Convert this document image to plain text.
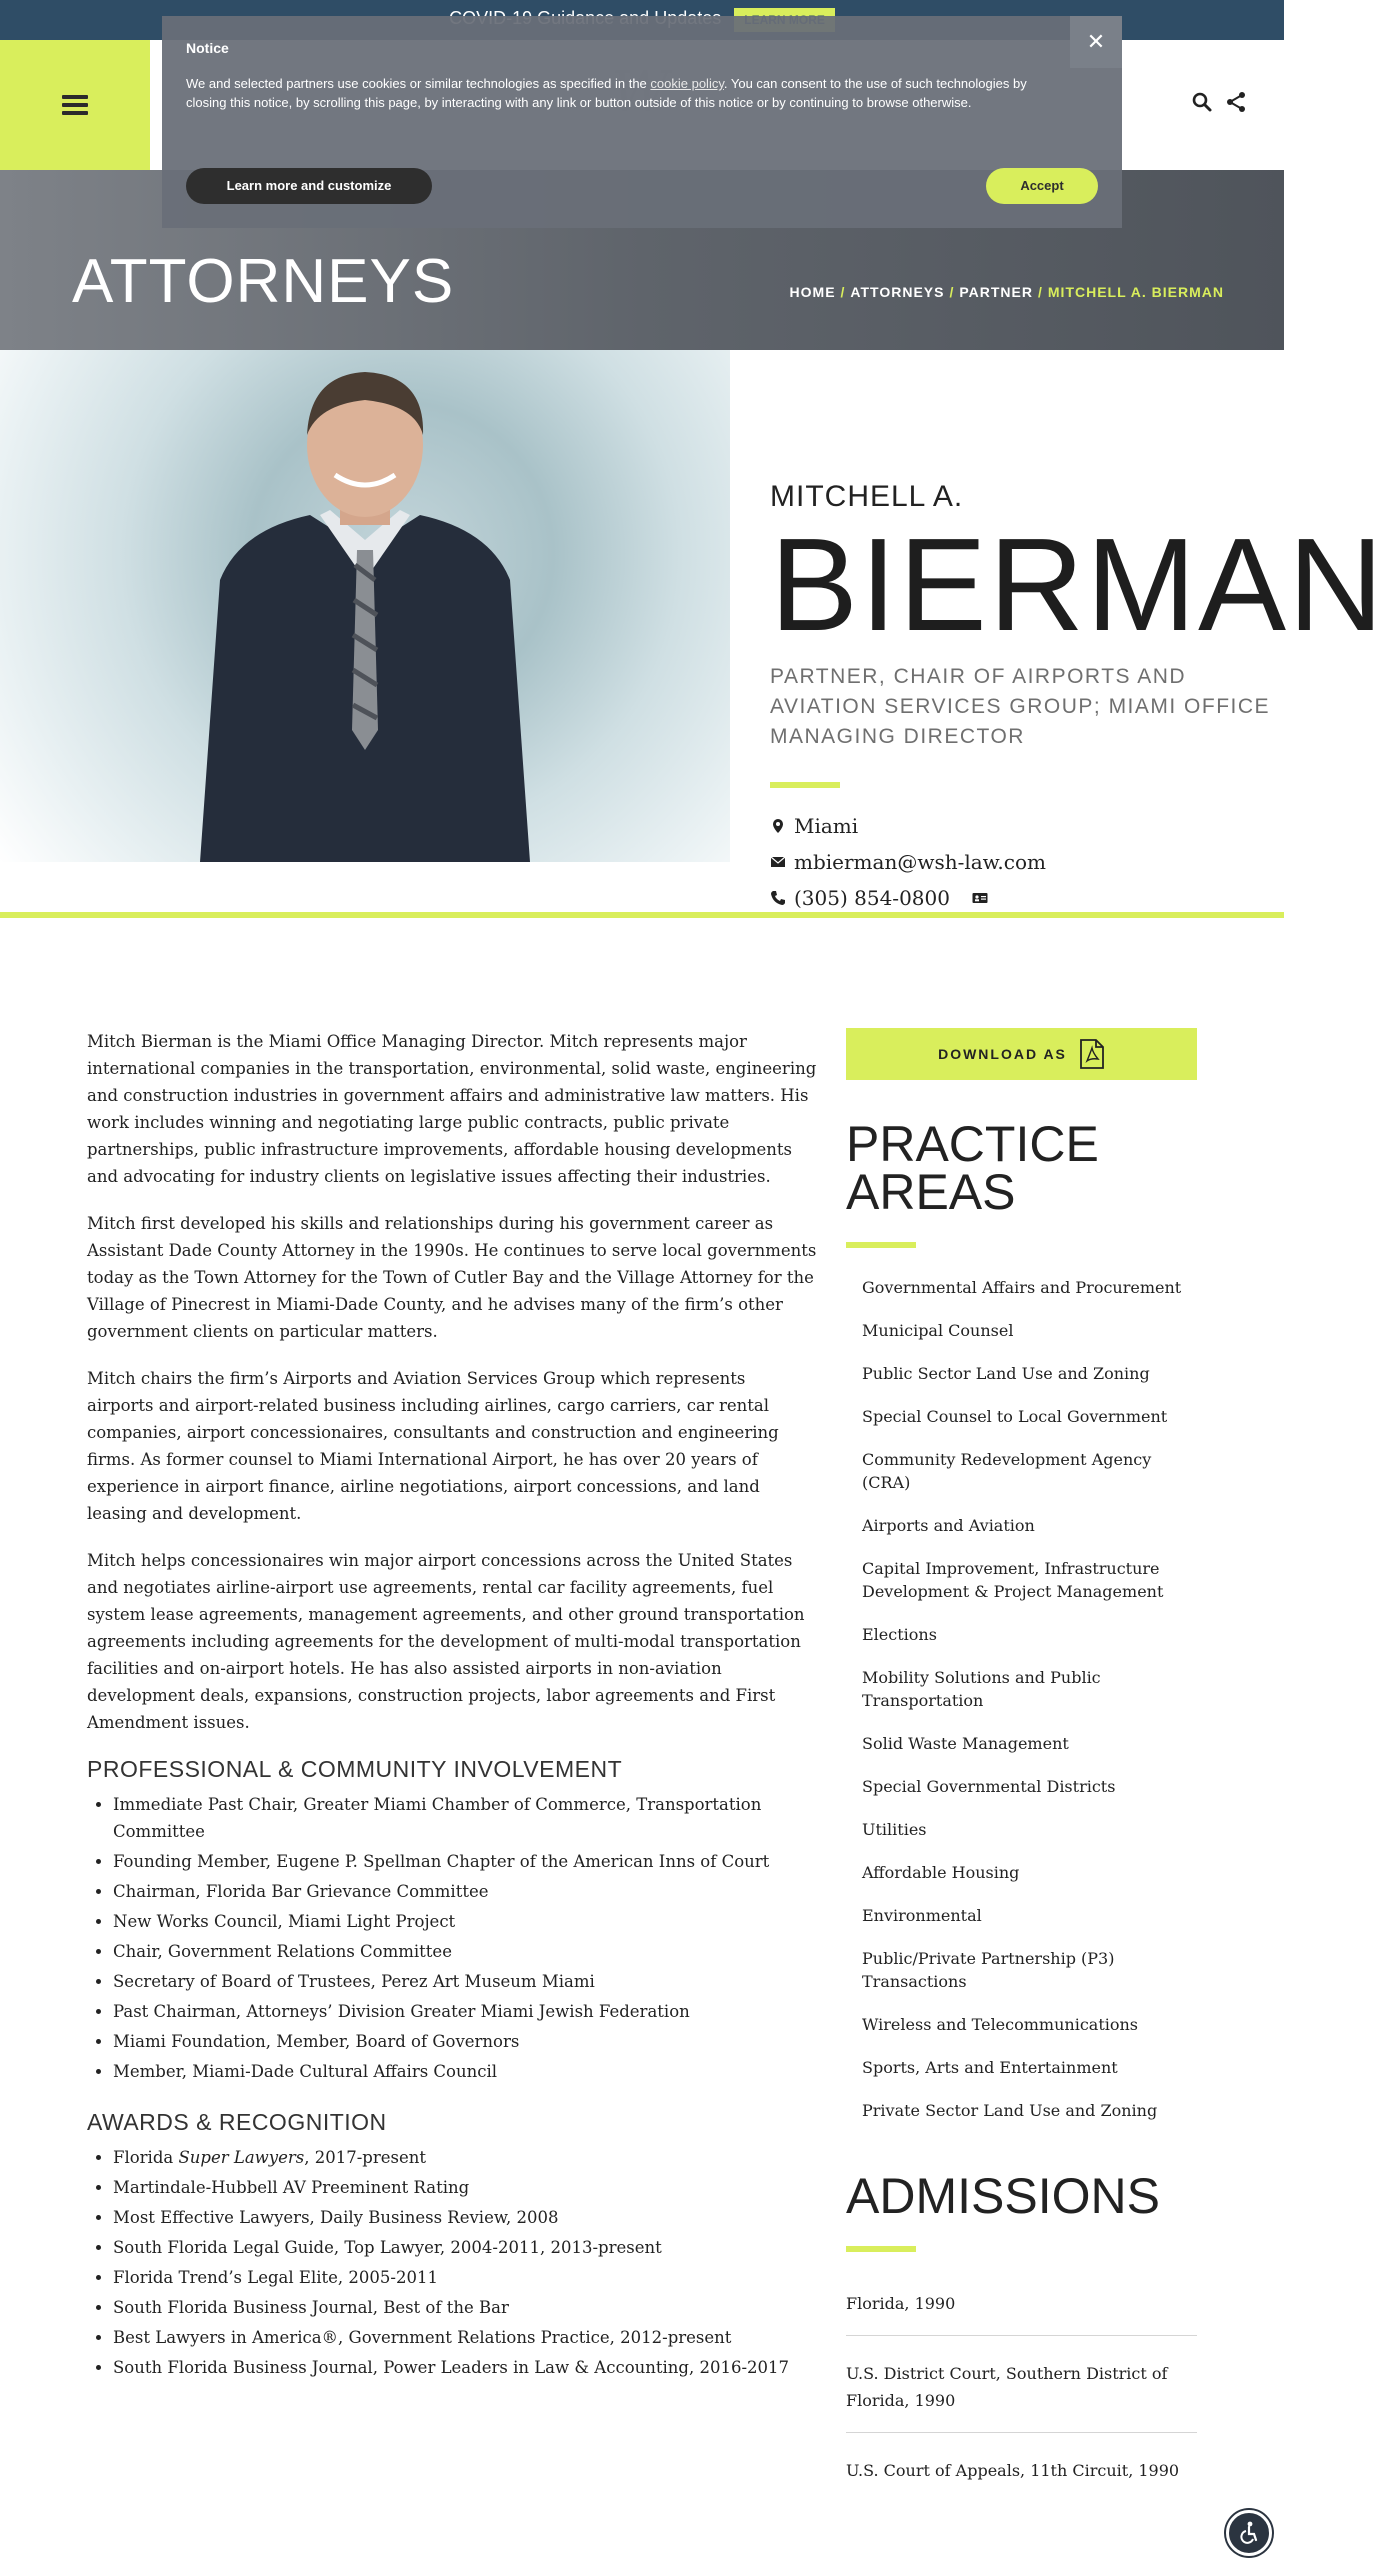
Notice
We and selected partners use cookies or similar technologies as specified in the cookie policy. You can consent to the use of such technologies by closing this notice, by scrolling this page, by interacting with any link or button outside of this notice or by continuing to browse otherwise.
✕
Learn more and customize	Accept
ATTORNEYS	HOME / ATTORNEYS / PARTNER / MITCHELL A. BIERMAN
MITCHELL A.
BIERMAN
PARTNER, CHAIR OF AIRPORTS AND AVIATION SERVICES GROUP; MIAMI OFFICE MANAGING DIRECTOR
Miami
mbierman@wsh-law.com
(305) 854-0800

Mitch Bierman is the Miami Office Managing Director. Mitch represents major international companies in the transportation, environmental, solid waste, engineering and construction industries in government affairs and administrative law matters. His work includes winning and negotiating large public contracts, public private partnerships, public infrastructure improvements, affordable housing developments and advocating for industry clients on legislative issues affecting their industries.

Mitch first developed his skills and relationships during his government career as Assistant Dade County Attorney in the 1990s. He continues to serve local governments today as the Town Attorney for the Town of Cutler Bay and the Village Attorney for the Village of Pinecrest in Miami-Dade County, and he advises many of the firm’s other government clients on particular matters.

Mitch chairs the firm’s Airports and Aviation Services Group which represents airports and airport-related business including airlines, cargo carriers, car rental companies, airport concessionaires, consultants and construction and engineering firms. As former counsel to Miami International Airport, he has over 20 years of experience in airport finance, airline negotiations, airport concessions, and land leasing and development.

Mitch helps concessionaires win major airport concessions across the United States and negotiates airline-airport use agreements, rental car facility agreements, fuel system lease agreements, management agreements, and other ground transportation agreements including agreements for the development of multi-modal transportation facilities and on-airport hotels. He has also assisted airports in non-aviation development deals, expansions, construction projects, labor agreements and First Amendment issues.

PROFESSIONAL & COMMUNITY INVOLVEMENT
• Immediate Past Chair, Greater Miami Chamber of Commerce, Transportation Committee
• Founding Member, Eugene P. Spellman Chapter of the American Inns of Court
• Chairman, Florida Bar Grievance Committee
• New Works Council, Miami Light Project
• Chair, Government Relations Committee
• Secretary of Board of Trustees, Perez Art Museum Miami
• Past Chairman, Attorneys’ Division Greater Miami Jewish Federation
• Miami Foundation, Member, Board of Governors
• Member, Miami-Dade Cultural Affairs Council
AWARDS & RECOGNITION
• Florida Super Lawyers, 2017-present
• Martindale-Hubbell AV Preeminent Rating
• Most Effective Lawyers, Daily Business Review, 2008
• South Florida Legal Guide, Top Lawyer, 2004-2011, 2013-present
• Florida Trend’s Legal Elite, 2005-2011
• South Florida Business Journal, Best of the Bar
• Best Lawyers in America®, Government Relations Practice, 2012-present
• South Florida Business Journal, Power Leaders in Law & Accounting, 2016-2017
DOWNLOAD AS
PRACTICE
AREAS
Governmental Affairs and Procurement
Municipal Counsel
Public Sector Land Use and Zoning
Special Counsel to Local Government
Community Redevelopment Agency (CRA)
Airports and Aviation
Capital Improvement, Infrastructure Development & Project Management
Elections
Mobility Solutions and Public Transportation
Solid Waste Management
Special Governmental Districts
Utilities
Affordable Housing
Environmental
Public/Private Partnership (P3) Transactions
Wireless and Telecommunications
Sports, Arts and Entertainment
Private Sector Land Use and Zoning
ADMISSIONS
Florida, 1990
U.S. District Court, Southern District of Florida, 1990
U.S. Court of Appeals, 11th Circuit, 1990
